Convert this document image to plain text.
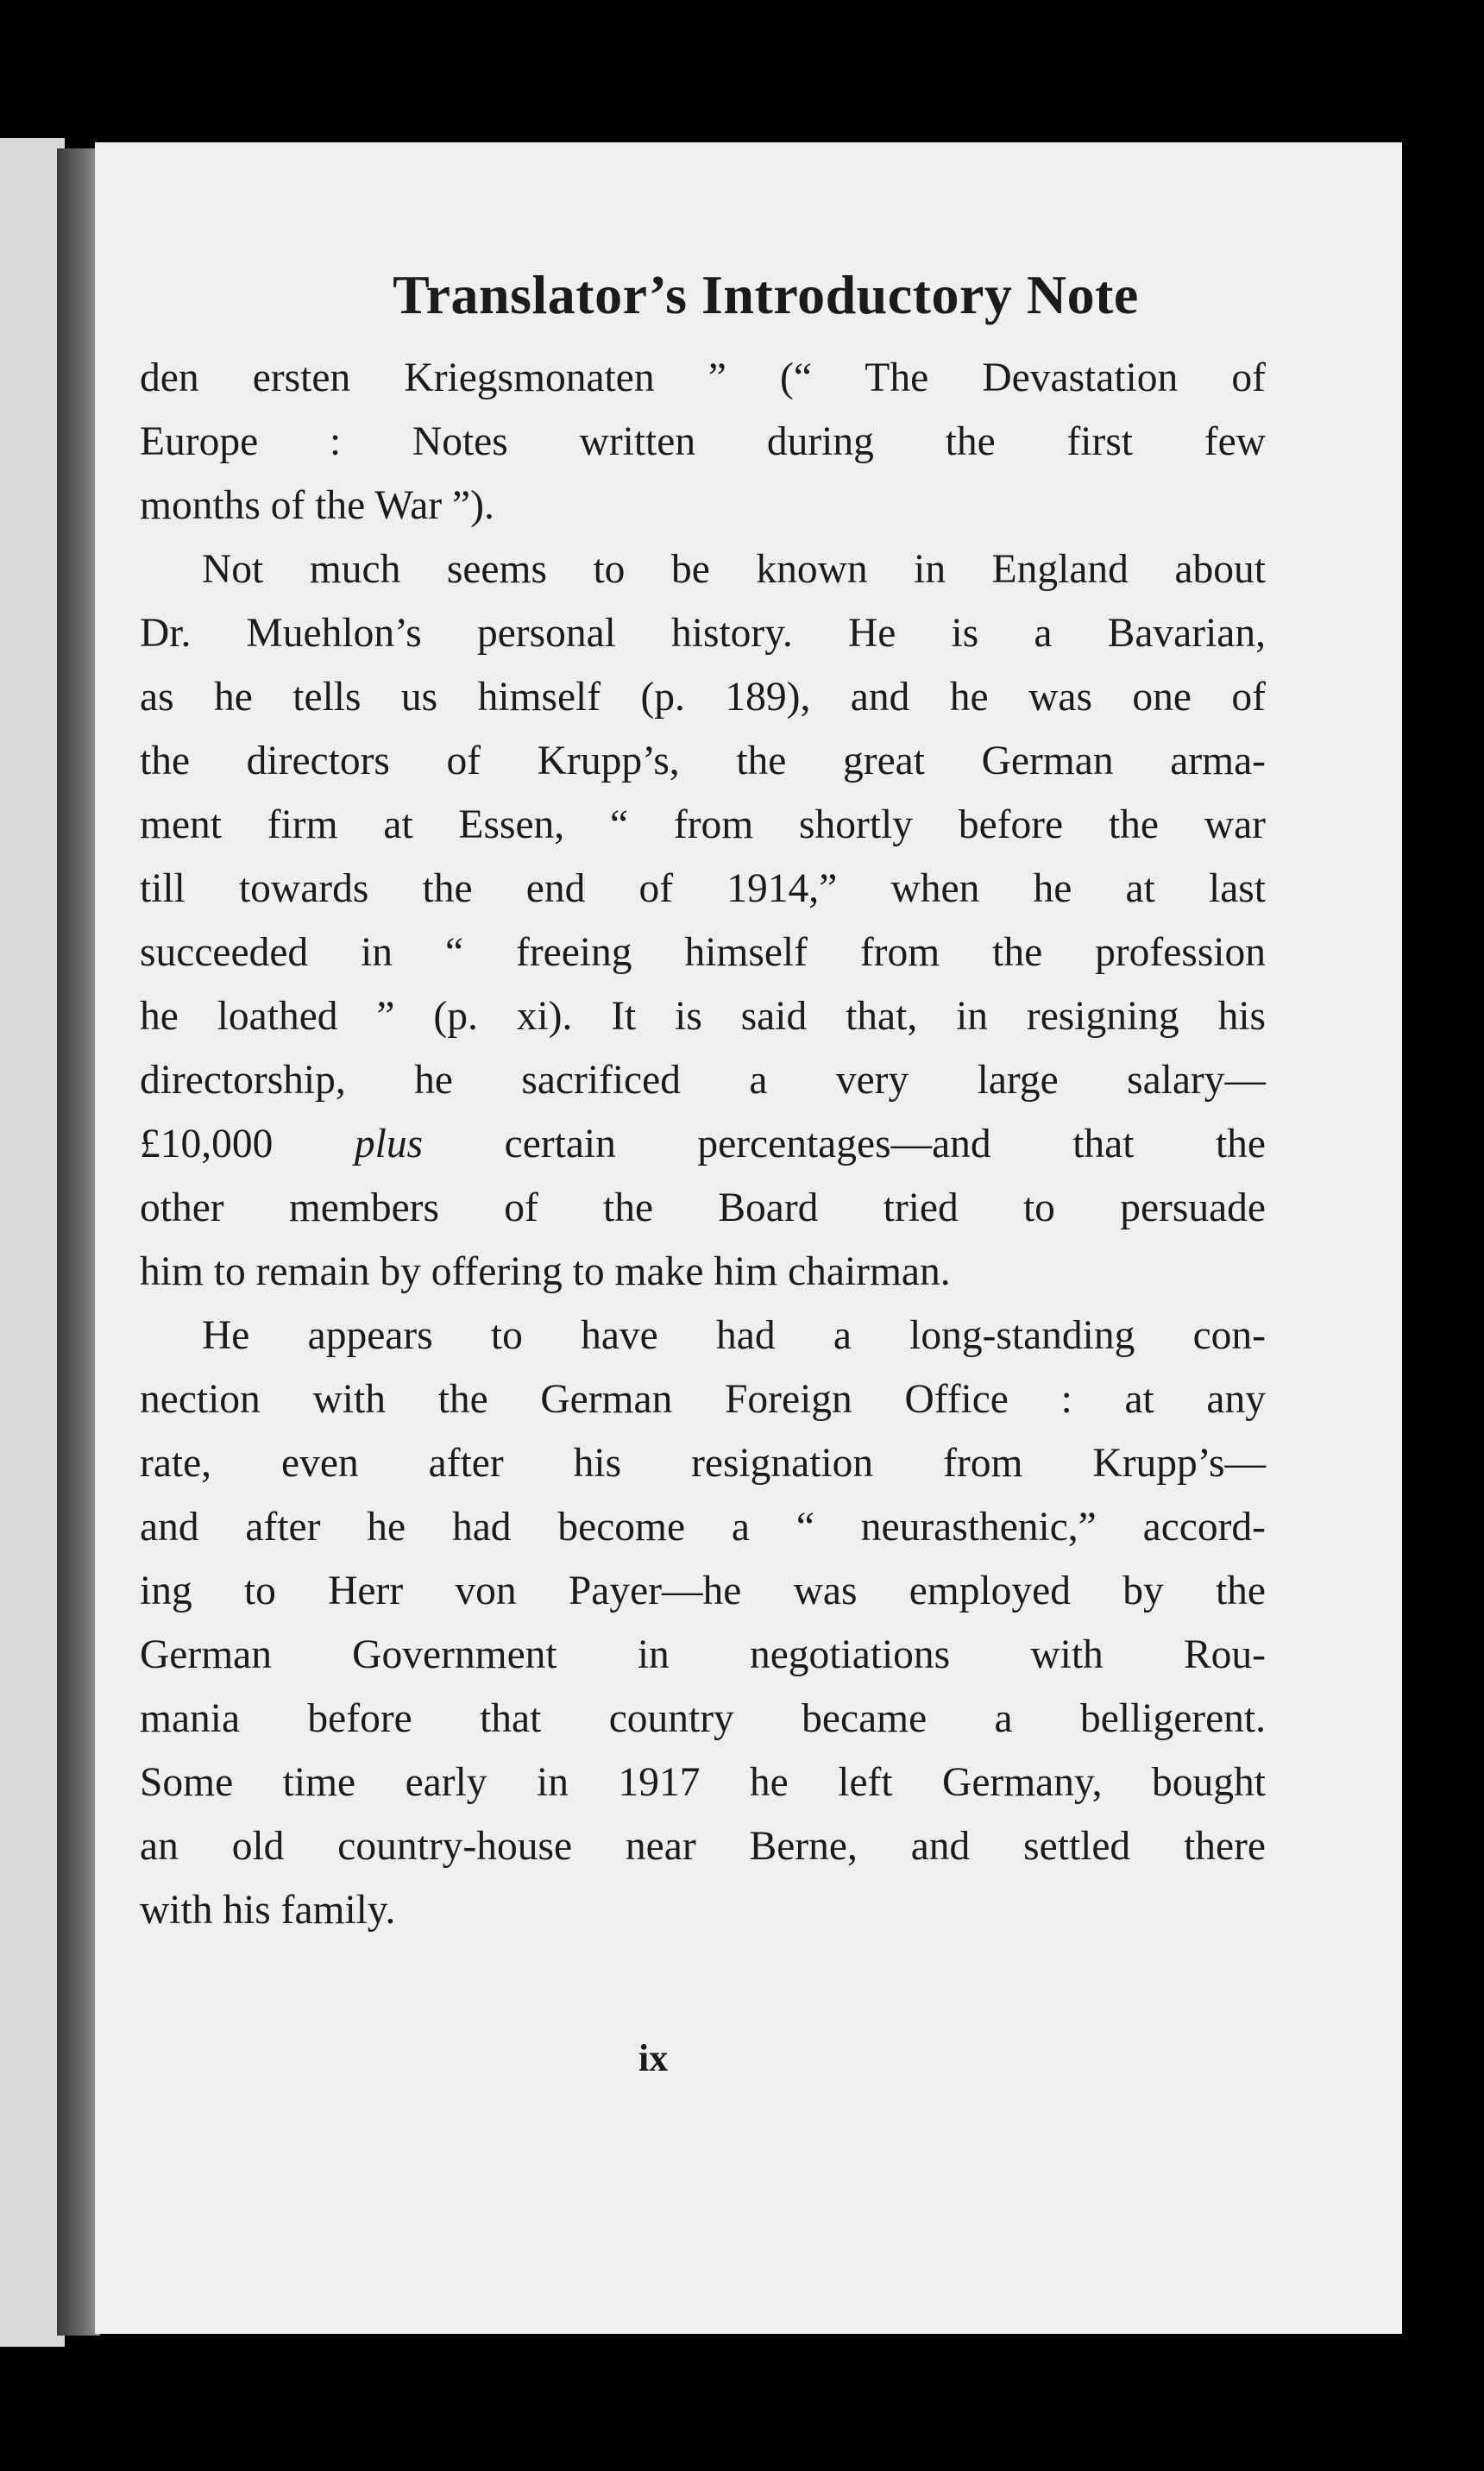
Translator’s Introductory Note
den ersten Kriegsmonaten ” (“ The Devastation of
Europe : Notes written during the first few
months of the War ”).
Not much seems to be known in England about
Dr. Muehlon’s personal history. He is a Bavarian,
as he tells us himself (p. 189), and he was one of
the directors of Krupp’s, the great German arma-
ment firm at Essen, “ from shortly before the war
till towards the end of 1914,” when he at last
succeeded in “ freeing himself from the profession
he loathed ” (p. xi). It is said that, in resigning his
directorship, he sacrificed a very large salary—
£10,000 plus certain percentages—and that the
other members of the Board tried to persuade
him to remain by offering to make him chairman.
He appears to have had a long-standing con-
nection with the German Foreign Office : at any
rate, even after his resignation from Krupp’s—
and after he had become a “ neurasthenic,” accord-
ing to Herr von Payer—he was employed by the
German Government in negotiations with Rou-
mania before that country became a belligerent.
Some time early in 1917 he left Germany, bought
an old country-house near Berne, and settled there
with his family.
ix
